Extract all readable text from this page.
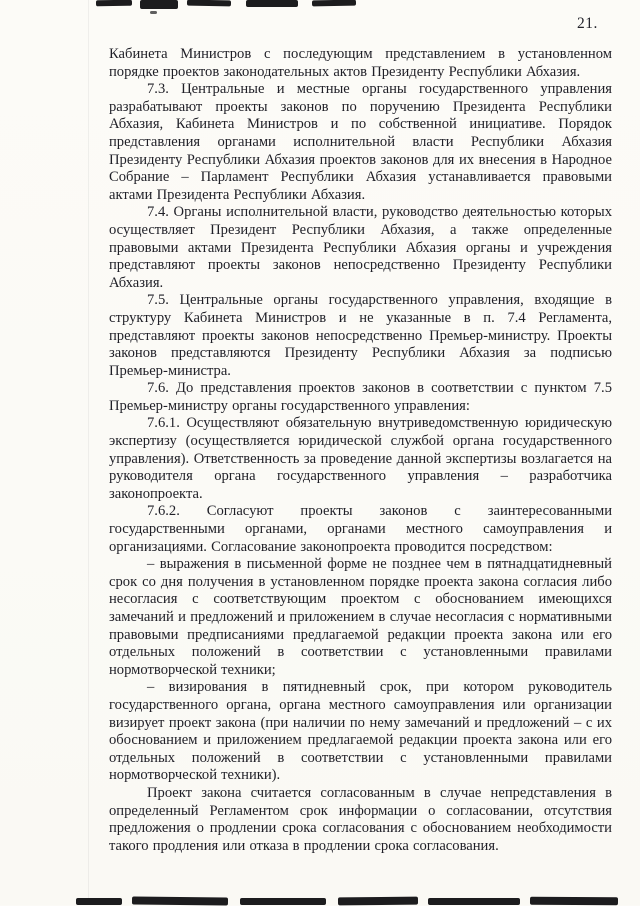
21.

Кабинета Министров с последующим представлением в установленном порядке проектов законодательных актов Президенту Республики Абхазия.

7.3. Центральные и местные органы государственного управления разрабатывают проекты законов по поручению Президента Республики Абхазия, Кабинета Министров и по собственной инициативе. Порядок представления органами исполнительной власти Республики Абхазия Президенту Республики Абхазия проектов законов для их внесения в Народное Собрание – Парламент Республики Абхазия устанавливается правовыми актами Президента Республики Абхазия.

7.4. Органы исполнительной власти, руководство деятельностью которых осуществляет Президент Республики Абхазия, а также определенные правовыми актами Президента Республики Абхазия органы и учреждения представляют проекты законов непосредственно Президенту Республики Абхазия.

7.5. Центральные органы государственного управления, входящие в структуру Кабинета Министров и не указанные в п. 7.4 Регламента, представляют проекты законов непосредственно Премьер-министру. Проекты законов представляются Президенту Республики Абхазия за подписью Премьер-министра.

7.6. До представления проектов законов в соответствии с пунктом 7.5 Премьер-министру органы государственного управления:

7.6.1. Осуществляют обязательную внутриведомственную юридическую экспертизу (осуществляется юридической службой органа государственного управления). Ответственность за проведение данной экспертизы возлагается на руководителя органа государственного управления – разработчика законопроекта.

7.6.2. Согласуют проекты законов с заинтересованными государственными органами, органами местного самоуправления и организациями. Согласование законопроекта проводится посредством:

– выражения в письменной форме не позднее чем в пятнадцатидневный срок со дня получения в установленном порядке проекта закона согласия либо несогласия с соответствующим проектом с обоснованием имеющихся замечаний и предложений и приложением в случае несогласия с нормативными правовыми предписаниями предлагаемой редакции проекта закона или его отдельных положений в соответствии с установленными правилами нормотворческой техники;

– визирования в пятидневный срок, при котором руководитель государственного органа, органа местного самоуправления или организации визирует проект закона (при наличии по нему замечаний и предложений – с их обоснованием и приложением предлагаемой редакции проекта закона или его отдельных положений в соответствии с установленными правилами нормотворческой техники).

Проект закона считается согласованным в случае непредставления в определенный Регламентом срок информации о согласовании, отсутствия предложения о продлении срока согласования с обоснованием необходимости такого продления или отказа в продлении срока согласования.
